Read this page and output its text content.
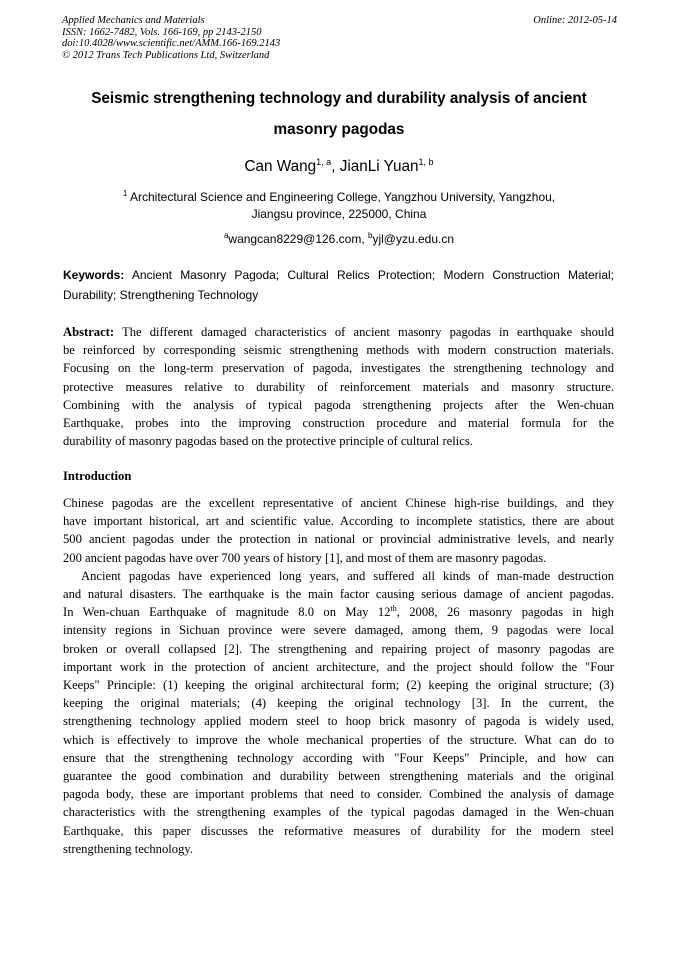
Applied Mechanics and Materials
ISSN: 1662-7482, Vols. 166-169, pp 2143-2150
doi:10.4028/www.scientific.net/AMM.166-169.2143
© 2012 Trans Tech Publications Ltd, Switzerland
Online: 2012-05-14
Seismic strengthening technology and durability analysis of ancient
masonry pagodas
Can Wang$^{1, a}$, JianLi Yuan$^{1, b}$
$^1$ Architectural Science and Engineering College, Yangzhou University, Yangzhou,
Jiangsu province, 225000, China
$^a$wangcan8229@126.com, $^b$yjl@yzu.edu.cn
Keywords: Ancient Masonry Pagoda; Cultural Relics Protection; Modern Construction Material;
Durability; Strengthening Technology
Abstract: The different damaged characteristics of ancient masonry pagodas in earthquake should
be reinforced by corresponding seismic strengthening methods with modern construction materials.
Focusing on the long-term preservation of pagoda, investigates the strengthening technology and
protective measures relative to durability of reinforcement materials and masonry structure.
Combining with the analysis of typical pagoda strengthening projects after the Wen-chuan
Earthquake, probes into the improving construction procedure and material formula for the
durability of masonry pagodas based on the protective principle of cultural relics.
Introduction
Chinese pagodas are the excellent representative of ancient Chinese high-rise buildings, and they
have important historical, art and scientific value. According to incomplete statistics, there are about
500 ancient pagodas under the protection in national or provincial administrative levels, and nearly
200 ancient pagodas have over 700 years of history [1], and most of them are masonry pagodas.
Ancient pagodas have experienced long years, and suffered all kinds of man-made destruction
and natural disasters. The earthquake is the main factor causing serious damage of ancient pagodas.
In Wen-chuan Earthquake of magnitude 8.0 on May 12th, 2008, 26 masonry pagodas in high
intensity regions in Sichuan province were severe damaged, among them, 9 pagodas were local
broken or overall collapsed [2]. The strengthening and repairing project of masonry pagodas are
important work in the protection of ancient architecture, and the project should follow the "Four
Keeps" Principle: (1) keeping the original architectural form; (2) keeping the original structure; (3)
keeping the original materials; (4) keeping the original technology [3]. In the current, the
strengthening technology applied modern steel to hoop brick masonry of pagoda is widely used,
which is effectively to improve the whole mechanical properties of the structure. What can do to
ensure that the strengthening technology according with "Four Keeps" Principle, and how can
guarantee the good combination and durability between strengthening materials and the original
pagoda body, these are important problems that need to consider. Combined the analysis of damage
characteristics with the strengthening examples of the typical pagodas damaged in the Wen-chuan
Earthquake, this paper discusses the reformative measures of durability for the modern steel
strengthening technology.
